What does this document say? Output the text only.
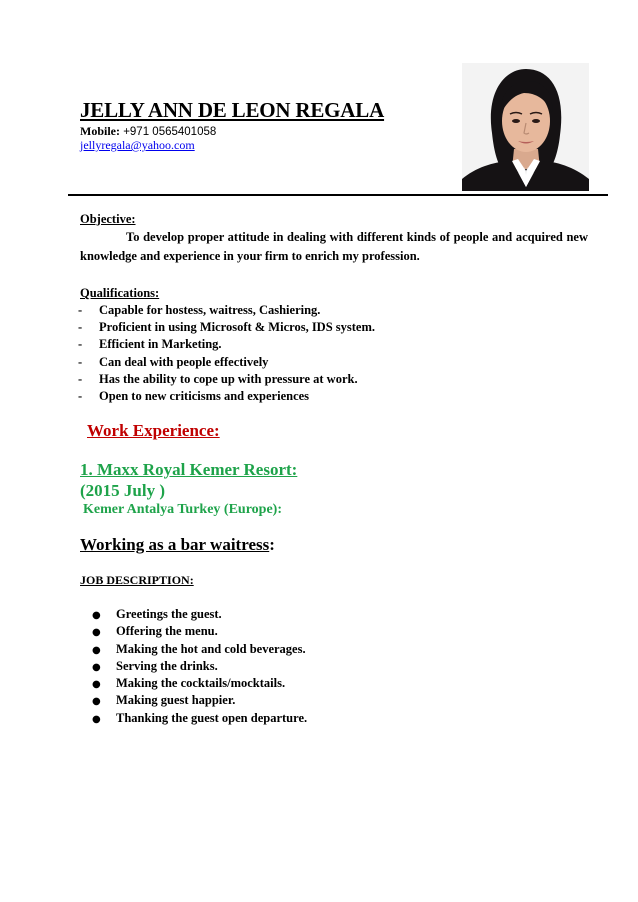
JELLY ANN DE LEON REGALA
Mobile: +971 0565401058
jellyregala@yahoo.com
Objective:
To develop proper attitude in dealing with different kinds of people and acquired new knowledge and experience in your firm to enrich my profession.
Qualifications:
- Capable for hostess, waitress, Cashiering.
- Proficient in using Microsoft & Micros, IDS system.
- Efficient in Marketing.
- Can deal with people effectively
- Has the ability to cope up with pressure at work.
- Open to new criticisms and experiences
Work Experience:
1. Maxx Royal Kemer Resort:
(2015 July )
Kemer Antalya Turkey (Europe):
Working as a bar waitress:
JOB DESCRIPTION:
● Greetings the guest.
● Offering the menu.
● Making the hot and cold beverages.
● Serving the drinks.
● Making the cocktails/mocktails.
● Making guest happier.
● Thanking the guest open departure.
